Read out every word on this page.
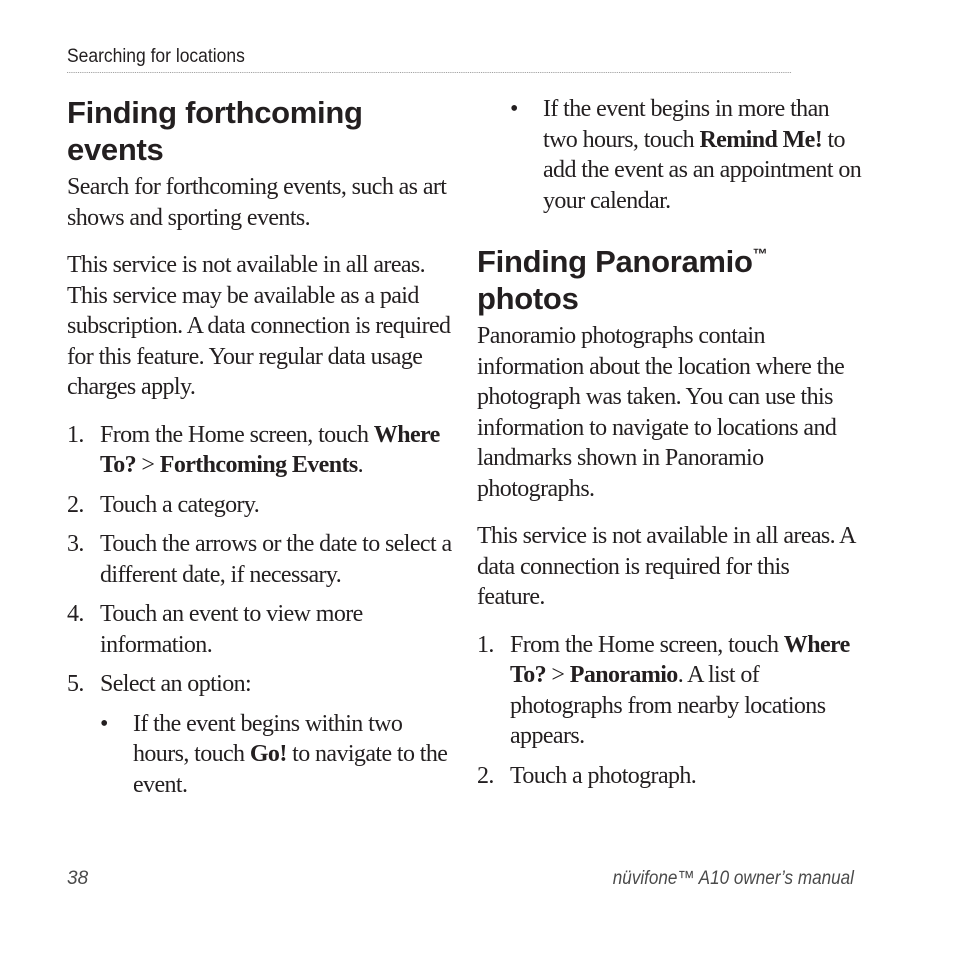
Searching for locations
Finding forthcoming events

Search for forthcoming events, such as art shows and sporting events.

This service is not available in all areas. This service may be available as a paid subscription. A data connection is required for this feature. Your regular data usage charges apply.

1. From the Home screen, touch Where To? > Forthcoming Events.
2. Touch a category.
3. Touch the arrows or the date to select a different date, if necessary.
4. Touch an event to view more information.
5. Select an option:
• If the event begins within two hours, touch Go! to navigate to the event.
• If the event begins in more than two hours, touch Remind Me! to add the event as an appointment on your calendar.
Finding Panoramio™
photos

Panoramio photographs contain information about the location where the photograph was taken. You can use this information to navigate to locations and landmarks shown in Panoramio photographs.

This service is not available in all areas. A data connection is required for this feature.

1. From the Home screen, touch Where To? > Panoramio. A list of photographs from nearby locations appears.
2. Touch a photograph.
38	nüvifone™ A10 owner’s manual
